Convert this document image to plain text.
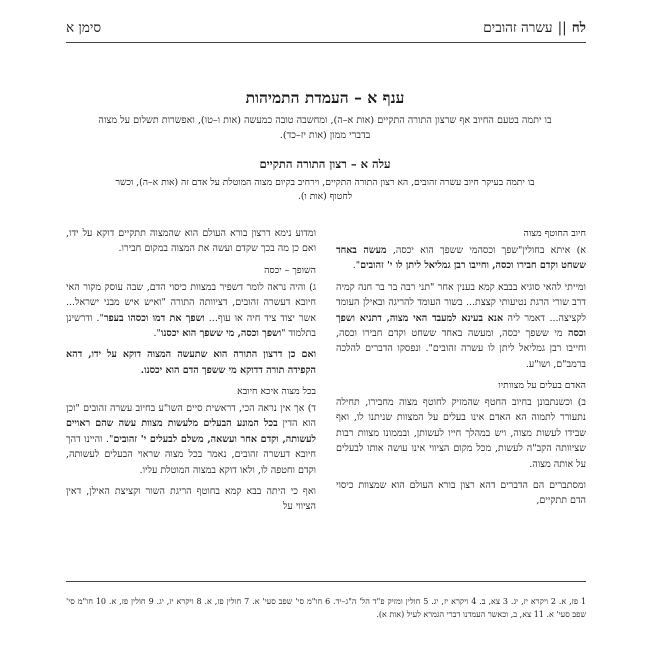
לח
||
עשרה זהובים
סימן א
ענף א – העמדת התמיהות

בו יתמה בטעם החיוב אף שרצון התורה התקיים (אות א–ה), ומחשבה טובה כמעשה (אות ו–טו), ואפשרות תשלום על מצוה בדברי ממון (אות יז–כד).

עלה א – רצון התורה התקיים

בו יתמה בעיקר חיוב עשרה זהובים, הא רצון התורה התקיים, וירחיב בקיום מצוה המוטלת על אדם זה (אות א–ה), וכשר לחטוף (אות ו).

חיוב החוטף מצוה

א) איתא בחולין"שפך וכסהמי ששפך הוא יכסה, מעשה באחד ששחט וקדם חבירו וכסה, וחייבו רבן גמליאל ליתן לו י' זהובים".

ומייתי להאי סוגיא בבבא קמא בענין אחר "תני רבה בר בר חנה קמיה דרב שורי הרגת נטיעותי קצצת... בשור העומד להריגה ובאילן העומד לקציצה... דאמר ליה אנא בעינא למעבד האי מצוה, דתניא ושפך וכסה מי ששפך יכסה, ומעשה באחד ששחט וקדם חבירו וכסה, וחייבו רבן גמליאל ליתן לו עשרה זהובים". ונפסקו הדברים להלכה ברמב"ם, ושו"ע.

האדם בעלים על מצוותיו

ב) וכשנתבונן בחיוב החטף שהמזיק לחוטף מצוה מחבירו, תחילה נתעורר לתמוה הא האדם אינו בעלים על המצוות שניתנו לו, ואף שבידו לעשות מצוה, ויש במהלך חייו לעשותן, ובממונו מצוות רבות שציוותה הקב"ה לעשות, מכל מקום הציווי אינו עושה אותו לבעלים על אותה מצוה.

ומסתברים הם הדברים דהא רצון בורא העולם הוא שמצוות כיסוי הדם תתקיים,

ומדוע נימא דרצון בורא העולם הוא שהמצוה תתקיים דוקא על ידו, ואם כן מה בכך שקדם ועשה את המצוה במקום חבירו.

השופך – יכסה

ג) והיה נראה לומר דשפיר במצוות כיסוי הדם, שבה עוסק מקור האי חיובא דעשרה זהובים, דציוותה התורה "ואיש איש מבני ישראל... אשר יצוד ציד חיה או עוף... ושפך את דמו וכסהו בעפר". ודרשינן בתלמוד "ושפך וכסה, מי ששפך הוא יכסנו".

ואם כן דרצון התורה הוא שתעשה המצוה דוקא על ידו, דהא הקפידה תורה דדוקא מי ששפך הדם הוא יכסנו.

בכל מצוה איכא חיובא

ד) אך אין נראה הכי, דראשית סיים השו"ע בחיוב עשרה זהובים "וכן הוא הדין בכל המונע הבעלים מלעשות מצוות עשה שהם ראויים לעשותה, וקדם אחר ועשאה, משלם לבעלים י' זהובים". והיינו דהך חיובא דעשרה זהובים, נאמר בכל מצוה שראוי הבעלים לעשותה, וקדם וחטפה לו, ולאו דוקא במצוה המוטלת עליו.

ואף כי היתה בבא קמא בחוטף הריגת השור וקציצת האילן, דאין הציווי על

1 פז, א. 2 ויקרא יז, יג. 3 צא, ב. 4 ויקרא יז, יג. 5 חולין ומזיק פ"ד הל' ה"ג–יד. 6 חו"מ סי' שפב סעי' א. 7 חולין פז, א. 8 ויקרא יז, יג. 9 חולין פז, א. 10 חו"מ סי' שפב סעי' א. 11 צא, ב, וכאשר העמדנו דברי הגמרא לעיל (אות א).
